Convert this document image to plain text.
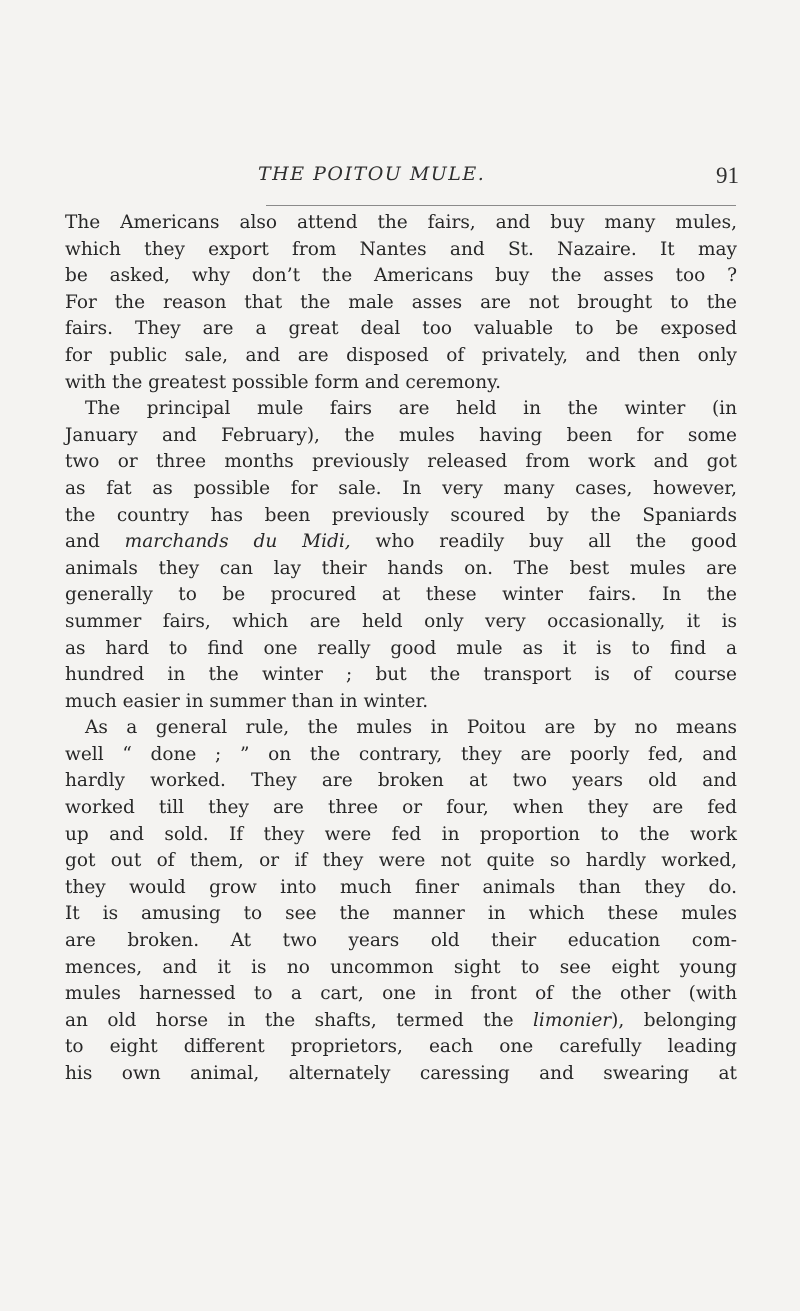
THE POITOU MULE.	91
The Americans also attend the fairs, and buy many mules,
which they export from Nantes and St. Nazaire. It may
be asked, why don’t the Americans buy the asses too ?
For the reason that the male asses are not brought to the
fairs. They are a great deal too valuable to be exposed
for public sale, and are disposed of privately, and then only
with the greatest possible form and ceremony.
The principal mule fairs are held in the winter (in
January and February), the mules having been for some
two or three months previously released from work and got
as fat as possible for sale. In very many cases, however,
the country has been previously scoured by the Spaniards
and marchands du Midi, who readily buy all the good
animals they can lay their hands on. The best mules are
generally to be procured at these winter fairs. In the
summer fairs, which are held only very occasionally, it is
as hard to find one really good mule as it is to find a
hundred in the winter ; but the transport is of course
much easier in summer than in winter.
As a general rule, the mules in Poitou are by no means
well “ done ; ” on the contrary, they are poorly fed, and
hardly worked. They are broken at two years old and
worked till they are three or four, when they are fed
up and sold. If they were fed in proportion to the work
got out of them, or if they were not quite so hardly worked,
they would grow into much finer animals than they do.
It is amusing to see the manner in which these mules
are broken. At two years old their education com-
mences, and it is no uncommon sight to see eight young
mules harnessed to a cart, one in front of the other (with
an old horse in the shafts, termed the limonier), belonging
to eight different proprietors, each one carefully leading
his own animal, alternately caressing and swearing at
